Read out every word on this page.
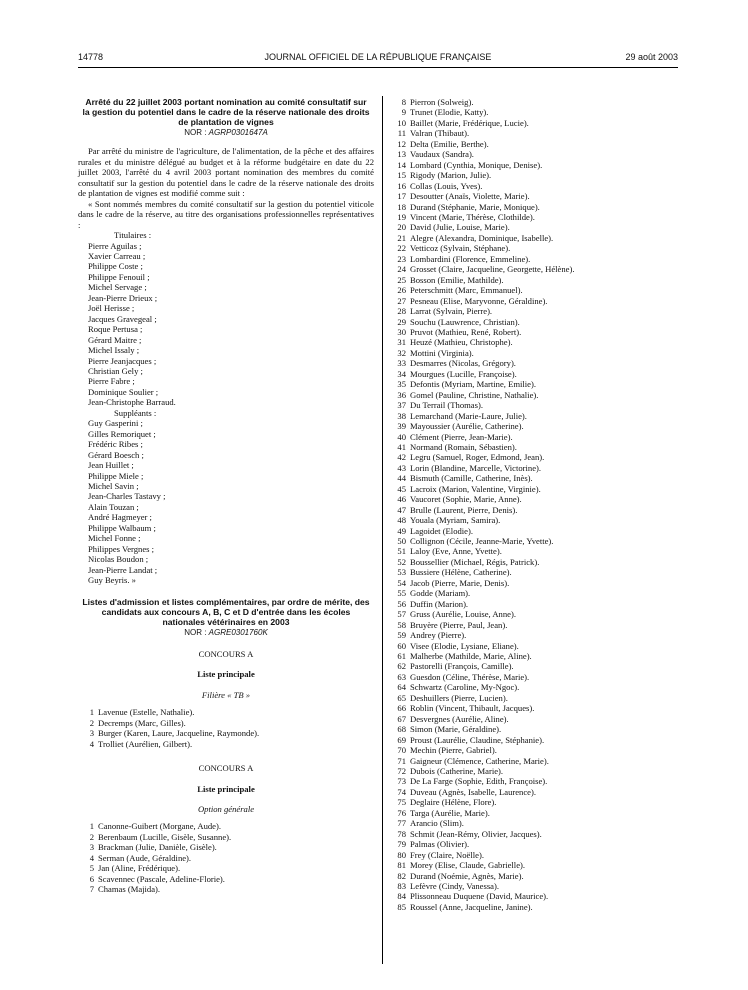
JOURNAL OFFICIEL DE LA RÉPUBLIQUE FRANÇAISE
14778	29 août 2003
Arrêté du 22 juillet 2003 portant nomination au comité consultatif sur la gestion du potentiel dans le cadre de la réserve nationale des droits de plantation de vignes
NOR : AGRP0301647A
Par arrêté du ministre de l'agriculture, de l'alimentation, de la pêche et des affaires rurales et du ministre délégué au budget et à la réforme budgétaire en date du 22 juillet 2003, l'arrêté du 4 avril 2003 portant nomination des membres du comité consultatif sur la gestion du potentiel dans le cadre de la réserve nationale des droits de plantation de vignes est modifié comme suit :
« Sont nommés membres du comité consultatif sur la gestion du potentiel viticole dans le cadre de la réserve, au titre des organisations professionnelles représentatives :
Titulaires :
Pierre Aguilas ;
Xavier Carreau ;
Philippe Coste ;
Philippe Fenouil ;
Michel Servage ;
Jean-Pierre Drieux ;
Joël Herisse ;
Jacques Gravegeal ;
Roque Pertusa ;
Gérard Maitre ;
Michel Issaly ;
Pierre Jeanjacques ;
Christian Gely ;
Pierre Fabre ;
Dominique Soulier ;
Jean-Christophe Barraud.
Suppléants :
Guy Gasperini ;
Gilles Remoriquet ;
Frédéric Ribes ;
Gérard Boesch ;
Jean Huillet ;
Philippe Miele ;
Michel Savin ;
Jean-Charles Tastavy ;
Alain Touzan ;
André Hagmeyer ;
Philippe Walbaum ;
Michel Fonne ;
Philippes Vergnes ;
Nicolas Boudon ;
Jean-Pierre Landat ;
Guy Beyris. »
Listes d'admission et listes complémentaires, par ordre de mérite, des candidats aux concours A, B, C et D d'entrée dans les écoles nationales vétérinaires en 2003
NOR : AGRE0301760K
CONCOURS A
Liste principale
Filière « TB »
1 Lavenue (Estelle, Nathalie).
2 Decremps (Marc, Gilles).
3 Burger (Karen, Laure, Jacqueline, Raymonde).
4 Trolliet (Aurélien, Gilbert).
CONCOURS A
Liste principale
Option générale
1 Canonne-Guibert (Morgane, Aude).
2 Berenbaum (Lucille, Gisèle, Susanne).
3 Brackman (Julie, Danièle, Gisèle).
4 Serman (Aude, Géraldine).
5 Jan (Aline, Frédérique).
6 Scavennec (Pascale, Adeline-Florie).
7 Chamas (Majida).
8 Pierron (Solweig).
9 Trunet (Elodie, Katty).
10 Baillet (Marie, Frédérique, Lucie).
11 Valran (Thibaut).
12 Delta (Emilie, Berthe).
13 Vaudaux (Sandra).
14 Lombard (Cynthia, Monique, Denise).
15 Rigody (Marion, Julie).
16 Collas (Louis, Yves).
17 Desoutter (Anaïs, Violette, Marie).
18 Durand (Stéphanie, Marie, Monique).
19 Vincent (Marie, Thérèse, Clothilde).
20 David (Julie, Louise, Marie).
21 Alegre (Alexandra, Dominique, Isabelle).
22 Vetticoz (Sylvain, Stéphane).
23 Lombardini (Florence, Emmeline).
24 Grosset (Claire, Jacqueline, Georgette, Hélène).
25 Bosson (Emilie, Mathilde).
26 Peterschmitt (Marc, Emmanuel).
27 Pesneau (Elise, Maryvonne, Géraldine).
28 Larrat (Sylvain, Pierre).
29 Souchu (Lauwrence, Christian).
30 Pruvot (Mathieu, René, Robert).
31 Heuzé (Mathieu, Christophe).
32 Mottini (Virginia).
33 Desmarres (Nicolas, Grégory).
34 Mourgues (Lucille, Françoise).
35 Defontis (Myriam, Martine, Emilie).
36 Gomel (Pauline, Christine, Nathalie).
37 Du Terrail (Thomas).
38 Lemarchand (Marie-Laure, Julie).
39 Mayoussier (Aurélie, Catherine).
40 Clément (Pierre, Jean-Marie).
41 Normand (Romain, Sébastien).
42 Legru (Samuel, Roger, Edmond, Jean).
43 Lorin (Blandine, Marcelle, Victorine).
44 Bismuth (Camille, Catherine, Inès).
45 Lacroix (Marion, Valentine, Virginie).
46 Vaucoret (Sophie, Marie, Anne).
47 Brulle (Laurent, Pierre, Denis).
48 Youala (Myriam, Samira).
49 Lagoidet (Elodie).
50 Collignon (Cécile, Jeanne-Marie, Yvette).
51 Laloy (Eve, Anne, Yvette).
52 Boussellier (Michael, Régis, Patrick).
53 Bussiere (Hélène, Catherine).
54 Jacob (Pierre, Marie, Denis).
55 Godde (Mariam).
56 Duffin (Marion).
57 Gruss (Aurélie, Louise, Anne).
58 Bruyère (Pierre, Paul, Jean).
59 Andrey (Pierre).
60 Visee (Elodie, Lysiane, Eliane).
61 Malherbe (Mathilde, Marie, Aline).
62 Pastorelli (François, Camille).
63 Guesdon (Céline, Thérèse, Marie).
64 Schwartz (Caroline, My-Ngoc).
65 Deshuillers (Pierre, Lucien).
66 Roblin (Vincent, Thibault, Jacques).
67 Desvergnes (Aurélie, Aline).
68 Simon (Marie, Géraldine).
69 Proust (Laurélie, Claudine, Stéphanie).
70 Mechin (Pierre, Gabriel).
71 Gaigneur (Clémence, Catherine, Marie).
72 Dubois (Catherine, Marie).
73 De La Farge (Sophie, Edith, Françoise).
74 Duveau (Agnès, Isabelle, Laurence).
75 Deglaire (Hélène, Flore).
76 Targa (Aurélie, Marie).
77 Arancio (Slim).
78 Schmit (Jean-Rémy, Olivier, Jacques).
79 Palmas (Olivier).
80 Frey (Claire, Noëlle).
81 Morey (Elise, Claude, Gabrielle).
82 Durand (Noémie, Agnès, Marie).
83 Lefèvre (Cindy, Vanessa).
84 Plissonneau Duquene (David, Maurice).
85 Roussel (Anne, Jacqueline, Janine).
